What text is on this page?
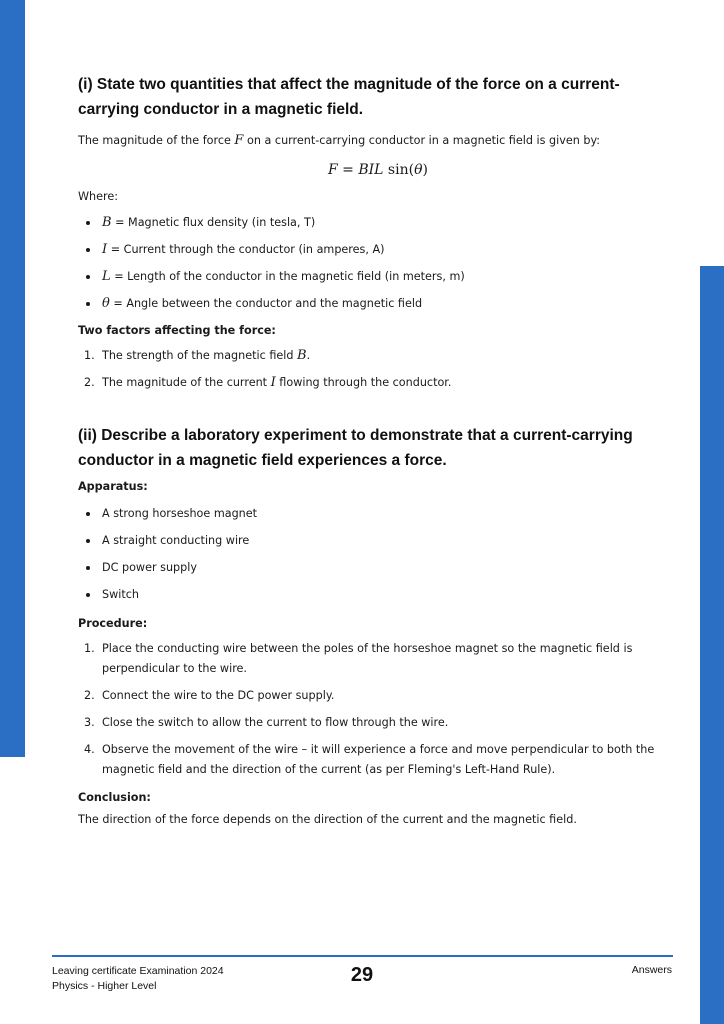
(i) State two quantities that affect the magnitude of the force on a current-carrying conductor in a magnetic field.

The magnitude of the force F on a current-carrying conductor in a magnetic field is given by:

F = BIL sin(θ)

Where:

B = Magnetic flux density (in tesla, T)
I = Current through the conductor (in amperes, A)
L = Length of the conductor in the magnetic field (in meters, m)
θ = Angle between the conductor and the magnetic field

Two factors affecting the force:

1. The strength of the magnetic field B.
2. The magnitude of the current I flowing through the conductor.
(ii) Describe a laboratory experiment to demonstrate that a current-carrying conductor in a magnetic field experiences a force.

Apparatus:

A strong horseshoe magnet
A straight conducting wire
DC power supply
Switch

Procedure:

1. Place the conducting wire between the poles of the horseshoe magnet so the magnetic field is perpendicular to the wire.
2. Connect the wire to the DC power supply.
3. Close the switch to allow the current to flow through the wire.
4. Observe the movement of the wire – it will experience a force and move perpendicular to both the magnetic field and the direction of the current (as per Fleming's Left-Hand Rule).

Conclusion:

The direction of the force depends on the direction of the current and the magnetic field.

Leaving certificate Examination 2024
Physics - Higher Level	29	Answers
